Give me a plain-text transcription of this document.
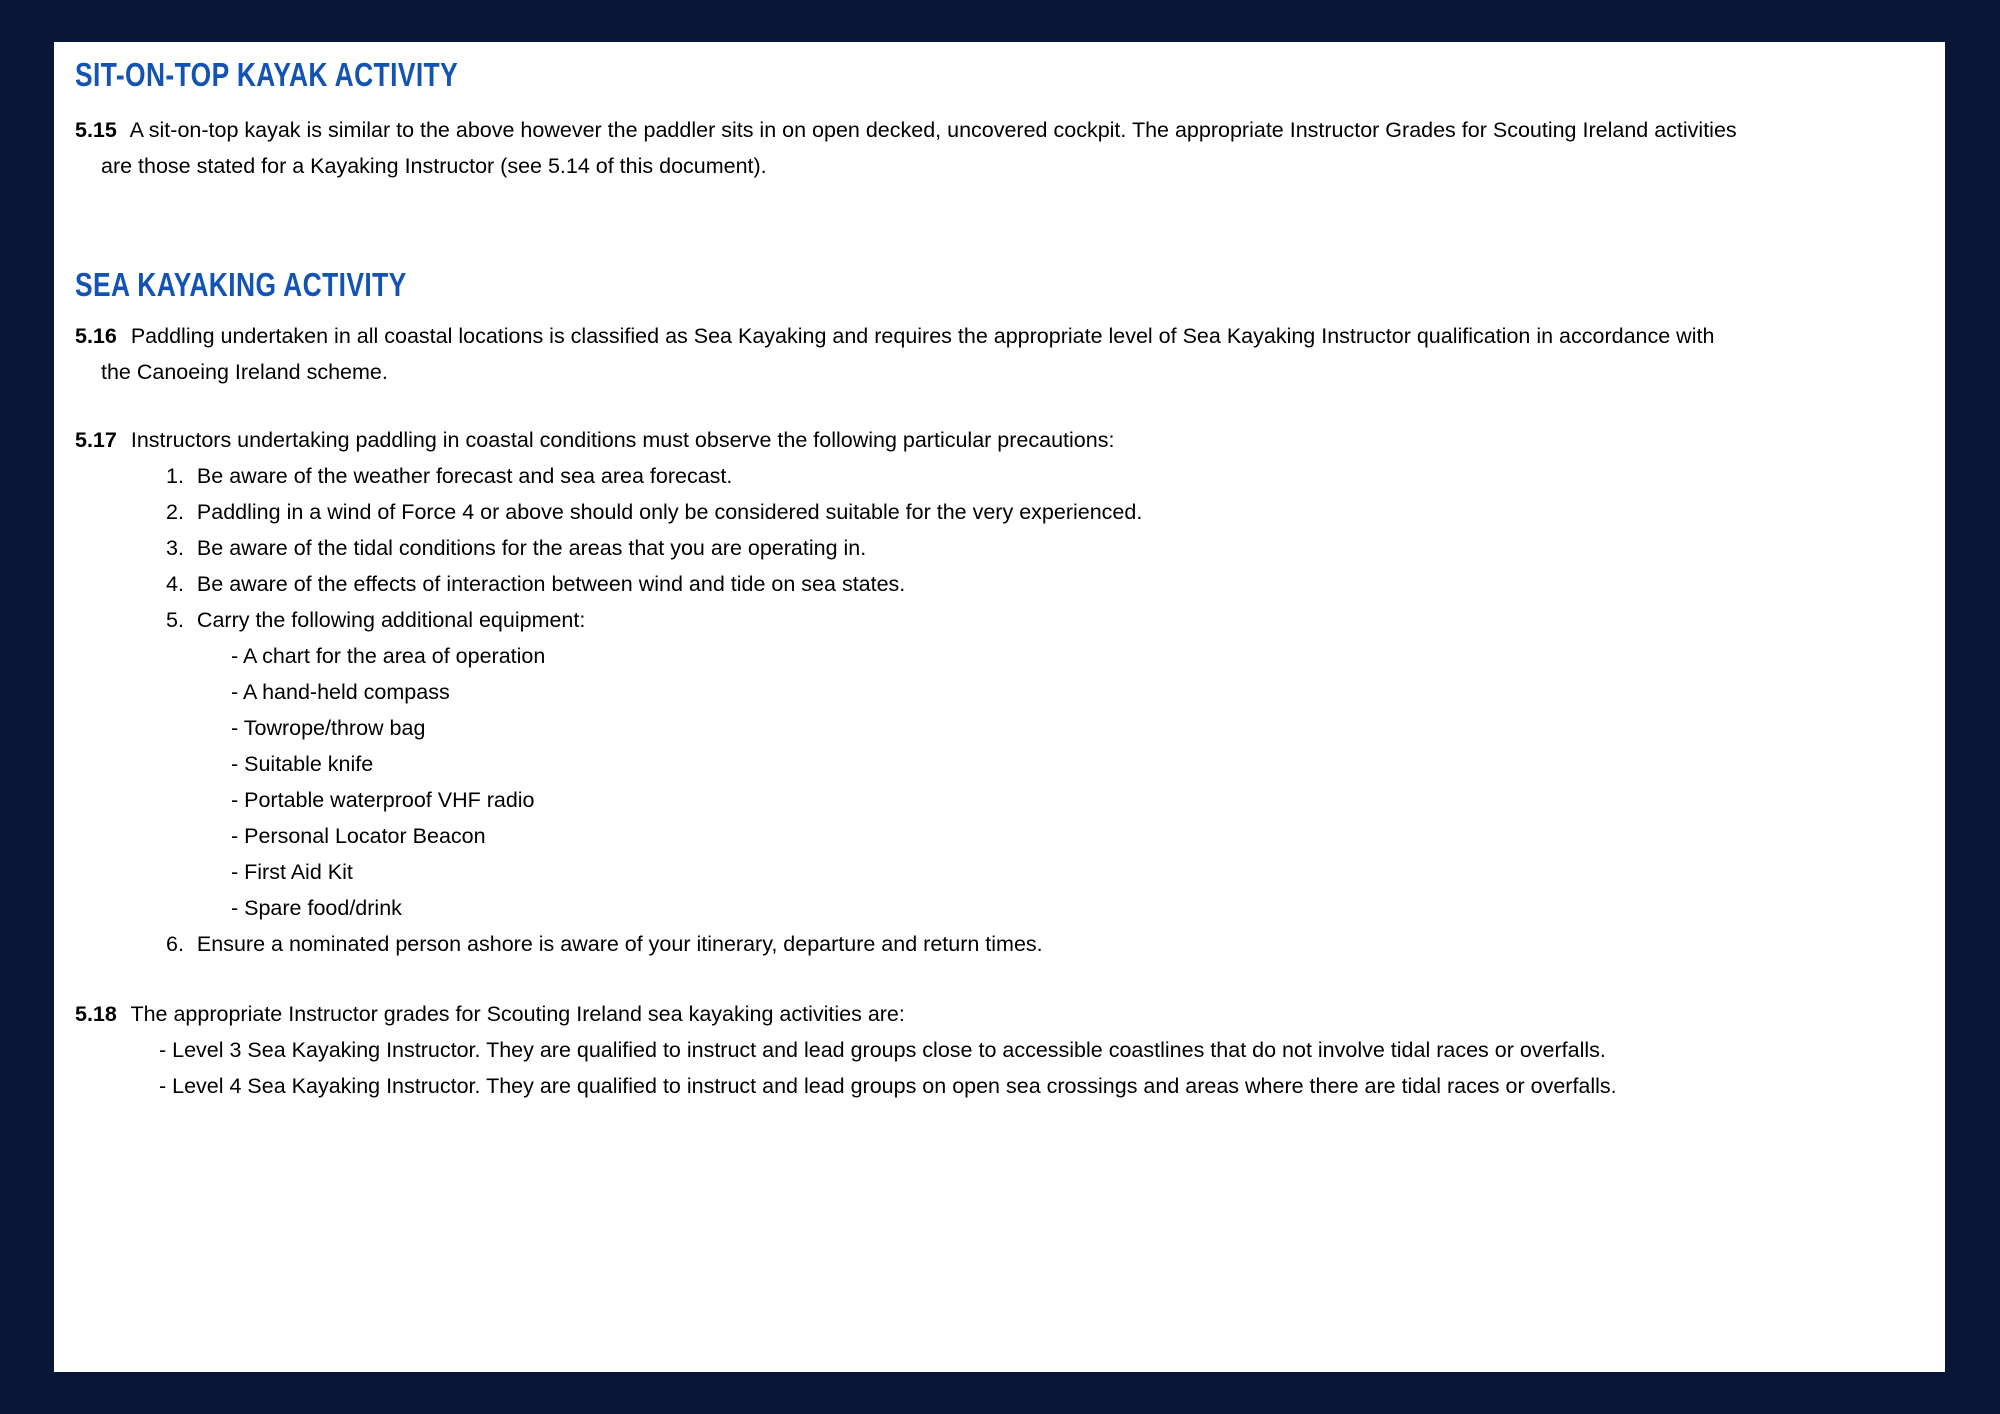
SIT-ON-TOP KAYAK ACTIVITY
5.15 A sit-on-top kayak is similar to the above however the paddler sits in on open decked, uncovered cockpit. The appropriate Instructor Grades for Scouting Ireland activities
are those stated for a Kayaking Instructor (see 5.14 of this document).
SEA KAYAKING ACTIVITY
5.16 Paddling undertaken in all coastal locations is classified as Sea Kayaking and requires the appropriate level of Sea Kayaking Instructor qualification in accordance with
the Canoeing Ireland scheme.
5.17 Instructors undertaking paddling in coastal conditions must observe the following particular precautions:
1. Be aware of the weather forecast and sea area forecast.
2. Paddling in a wind of Force 4 or above should only be considered suitable for the very experienced.
3. Be aware of the tidal conditions for the areas that you are operating in.
4. Be aware of the effects of interaction between wind and tide on sea states.
5. Carry the following additional equipment:
- A chart for the area of operation
- A hand-held compass
- Towrope/throw bag
- Suitable knife
- Portable waterproof VHF radio
- Personal Locator Beacon
- First Aid Kit
- Spare food/drink
6. Ensure a nominated person ashore is aware of your itinerary, departure and return times.
5.18 The appropriate Instructor grades for Scouting Ireland sea kayaking activities are:
- Level 3 Sea Kayaking Instructor. They are qualified to instruct and lead groups close to accessible coastlines that do not involve tidal races or overfalls.
- Level 4 Sea Kayaking Instructor. They are qualified to instruct and lead groups on open sea crossings and areas where there are tidal races or overfalls.
